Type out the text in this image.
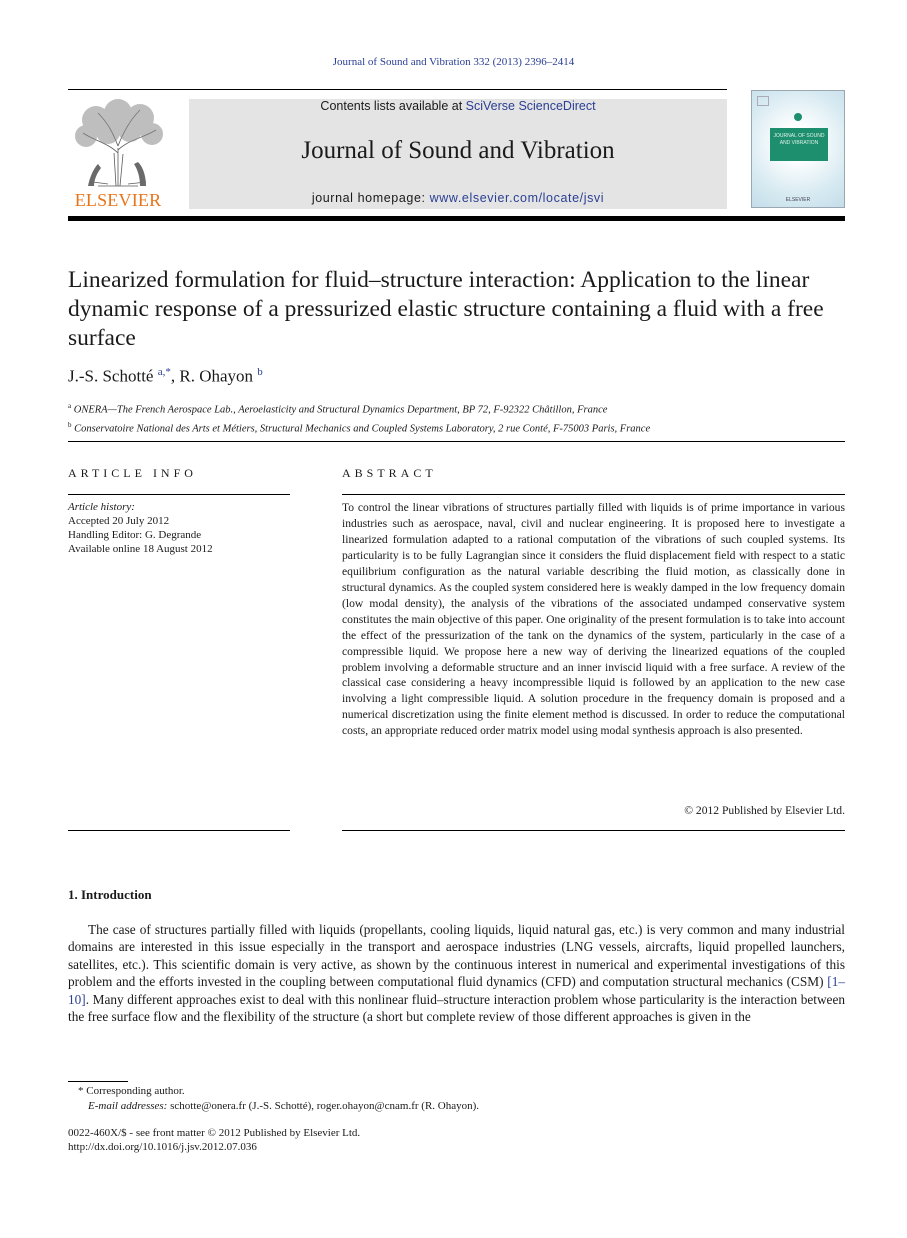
Journal of Sound and Vibration 332 (2013) 2396–2414
ELSEVIER
Contents lists available at SciVerse ScienceDirect
Journal of Sound and Vibration
journal homepage: www.elsevier.com/locate/jsvi
JOURNAL OF SOUND AND VIBRATION
ELSEVIER
Linearized formulation for fluid–structure interaction: Application to the linear dynamic response of a pressurized elastic structure containing a fluid with a free surface
J.-S. Schotté $^{a,*}$, R. Ohayon $^b$
$^a$ ONERA—The French Aerospace Lab., Aeroelasticity and Structural Dynamics Department, BP 72, F-92322 Châtillon, France
$^b$ Conservatoire National des Arts et Métiers, Structural Mechanics and Coupled Systems Laboratory, 2 rue Conté, F-75003 Paris, France
ARTICLE INFO	ABSTRACT
Article history:
Accepted 20 July 2012
Handling Editor: G. Degrande
Available online 18 August 2012
To control the linear vibrations of structures partially filled with liquids is of prime importance in various industries such as aerospace, naval, civil and nuclear engineering. It is proposed here to investigate a linearized formulation adapted to a rational computation of the vibrations of such coupled systems. Its particularity is to be fully Lagrangian since it considers the fluid displacement field with respect to a static equilibrium configuration as the natural variable describing the fluid motion, as classically done in structural dynamics. As the coupled system considered here is weakly damped in the low frequency domain (low modal density), the analysis of the vibrations of the associated undamped conservative system constitutes the main objective of this paper. One originality of the present formulation is to take into account the effect of the pressurization of the tank on the dynamics of the system, particularly in the case of a compressible liquid. We propose here a new way of deriving the linearized equations of the coupled problem involving a deformable structure and an inner inviscid liquid with a free surface. A review of the classical case considering a heavy incompressible liquid is followed by an application to the new case involving a light compressible liquid. A solution procedure in the frequency domain is proposed and a numerical discretization using the finite element method is discussed. In order to reduce the computational costs, an appropriate reduced order matrix model using modal synthesis approach is also presented.
© 2012 Published by Elsevier Ltd.
1. Introduction

The case of structures partially filled with liquids (propellants, cooling liquids, liquid natural gas, etc.) is very common and many industrial domains are interested in this issue especially in the transport and aerospace industries (LNG vessels, aircrafts, liquid propelled launchers, satellites, etc.). This scientific domain is very active, as shown by the continuous interest in numerical and experimental investigations of this problem and the efforts invested in the coupling between computational fluid dynamics (CFD) and computation structural mechanics (CSM) [1–10]. Many different approaches exist to deal with this nonlinear fluid–structure interaction problem whose particularity is the interaction between the free surface flow and the flexibility of the structure (a short but complete review of those different approaches is given in the

* Corresponding author.
E-mail addresses: schotte@onera.fr (J.-S. Schotté), roger.ohayon@cnam.fr (R. Ohayon).
0022-460X/$ - see front matter © 2012 Published by Elsevier Ltd.
http://dx.doi.org/10.1016/j.jsv.2012.07.036
